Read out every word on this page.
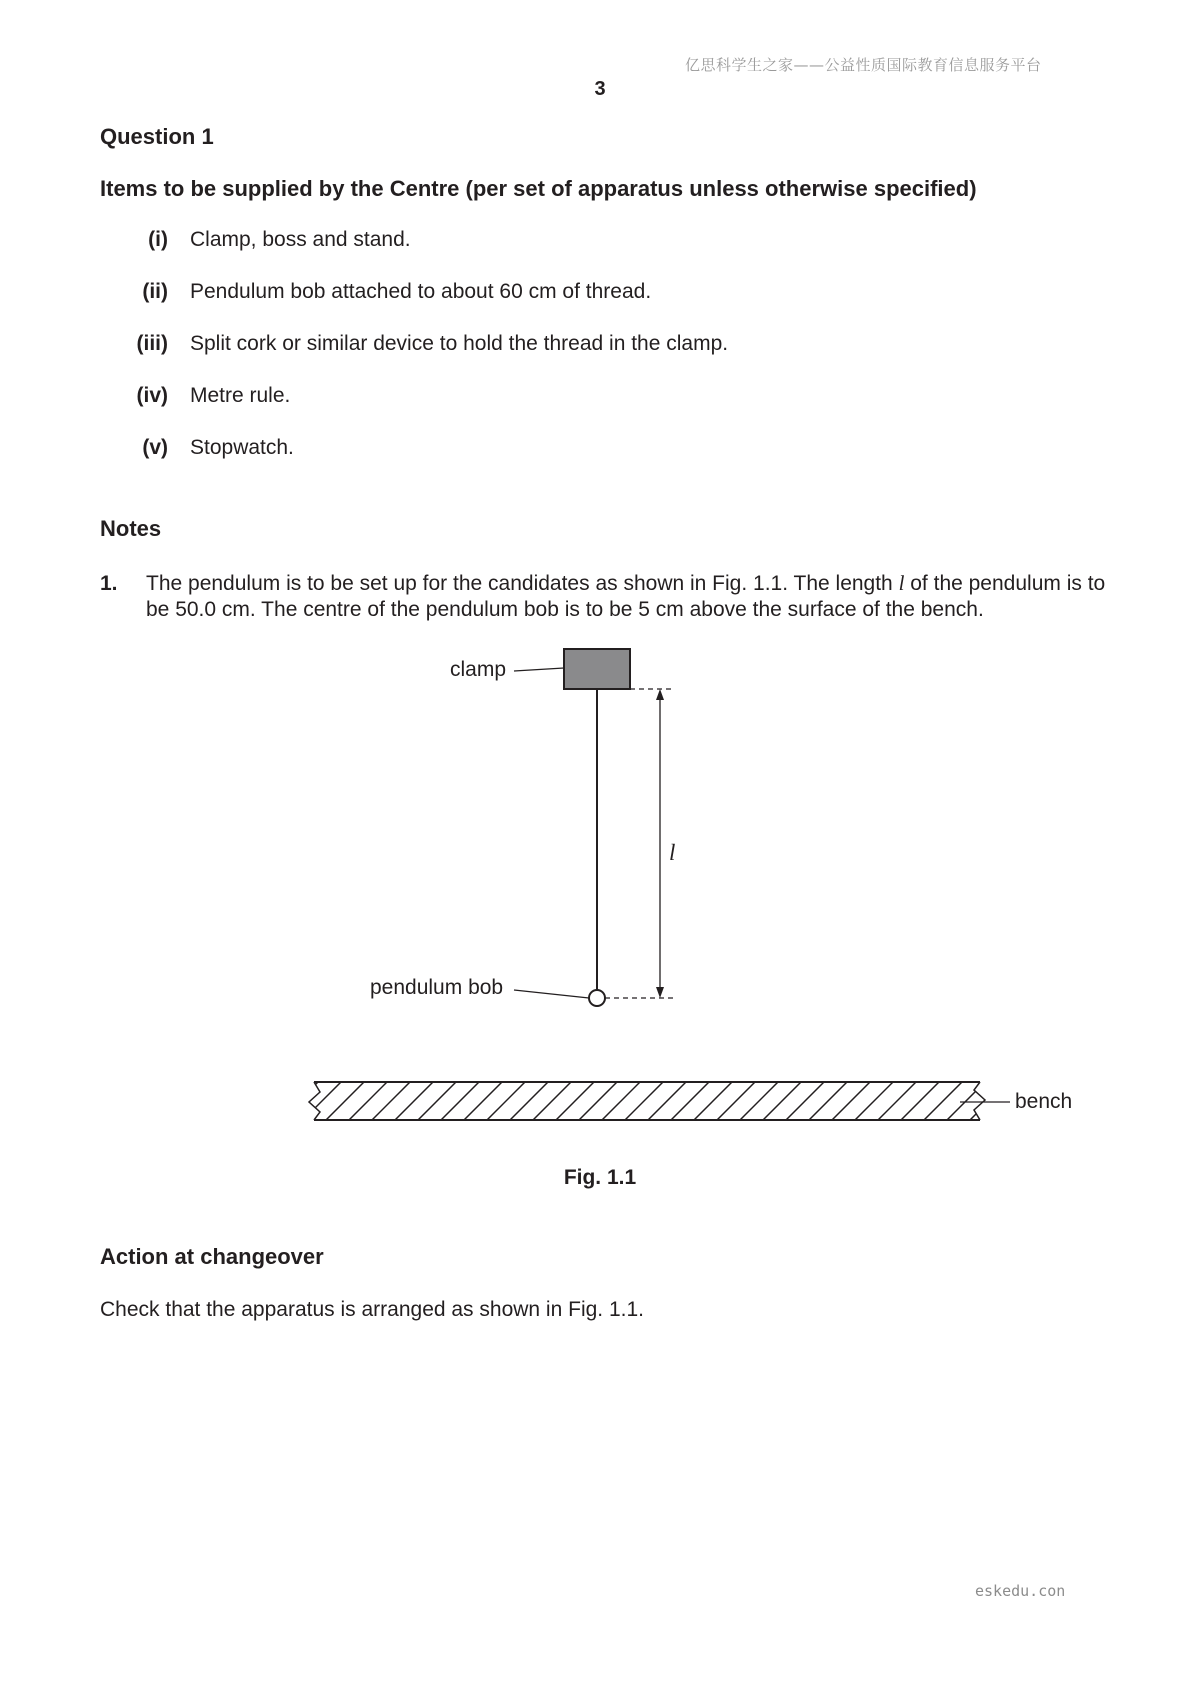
亿思科学生之家——公益性质国际教育信息服务平台
3
Question 1
Items to be supplied by the Centre (per set of apparatus unless otherwise specified)
(i) Clamp, boss and stand.
(ii) Pendulum bob attached to about 60 cm of thread.
(iii) Split cork or similar device to hold the thread in the clamp.
(iv) Metre rule.
(v) Stopwatch.
Notes
1. The pendulum is to be set up for the candidates as shown in Fig. 1.1. The length l of the pendulum is to be 50.0 cm. The centre of the pendulum bob is to be 5 cm above the surface of the bench.
clamp
l
pendulum bob
bench
Fig. 1.1
Action at changeover
Check that the apparatus is arranged as shown in Fig. 1.1.
eskedu.con
